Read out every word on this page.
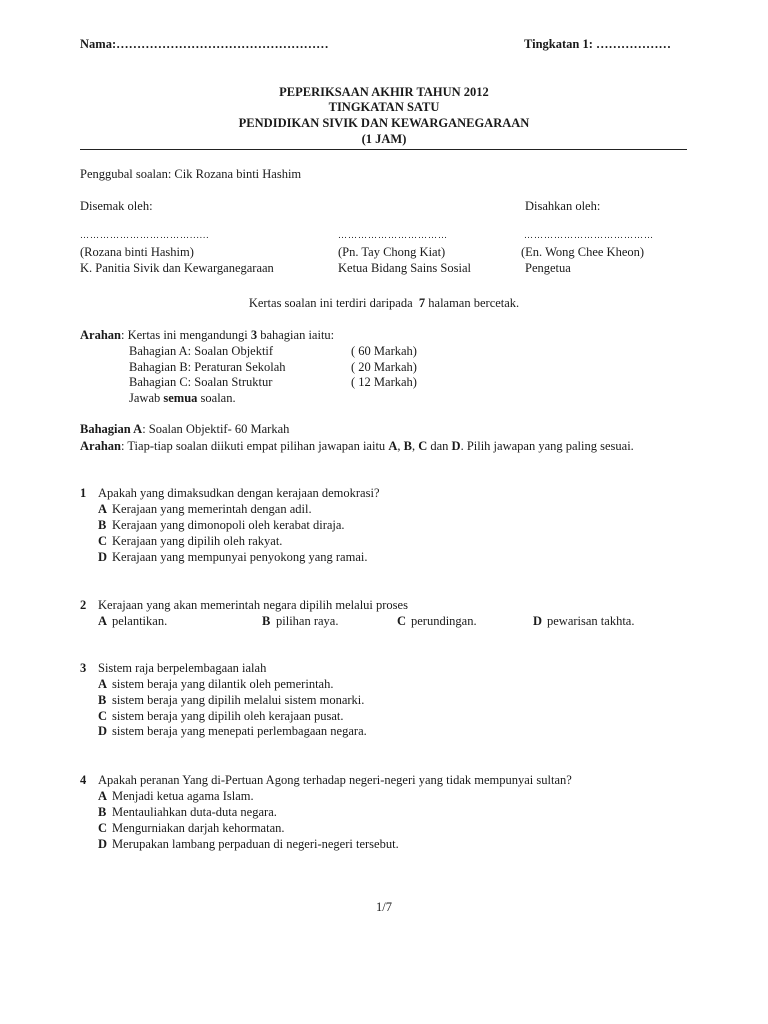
Nama:……………………………………………	Tingkatan 1: ………………
PEPERIKSAAN AKHIR TAHUN 2012
TINGKATAN SATU
PENDIDIKAN SIVIK DAN KEWARGANEGARAAN
(1 JAM)
Penggubal soalan: Cik Rozana binti Hashim
Disemak oleh:	Disahkan oleh:
……………………………......	……………………………	…………………………………
(Rozana binti Hashim)	(Pn. Tay Chong Kiat)	(En. Wong Chee Kheon)
K. Panitia Sivik dan Kewarganegaraan	Ketua Bidang Sains Sosial	Pengetua
Kertas soalan ini terdiri daripada 7 halaman bercetak.
Arahan: Kertas ini mengandungi 3 bahagian iaitu:
Bahagian A: Soalan Objektif	( 60 Markah)
Bahagian B: Peraturan Sekolah	( 20 Markah)
Bahagian C: Soalan Struktur	( 12 Markah)
Jawab semua soalan.
Bahagian A: Soalan Objektif- 60 Markah
Arahan: Tiap-tiap soalan diikuti empat pilihan jawapan iaitu A, B, C dan D. Pilih jawapan yang paling sesuai.
1 Apakah yang dimaksudkan dengan kerajaan demokrasi?
A Kerajaan yang memerintah dengan adil.
B Kerajaan yang dimonopoli oleh kerabat diraja.
C Kerajaan yang dipilih oleh rakyat.
D Kerajaan yang mempunyai penyokong yang ramai.
2 Kerajaan yang akan memerintah negara dipilih melalui proses
A pelantikan.	B pilihan raya.	C perundingan.	D pewarisan takhta.
3 Sistem raja berpelembagaan ialah
A sistem beraja yang dilantik oleh pemerintah.
B sistem beraja yang dipilih melalui sistem monarki.
C sistem beraja yang dipilih oleh kerajaan pusat.
D sistem beraja yang menepati perlembagaan negara.
4 Apakah peranan Yang di-Pertuan Agong terhadap negeri-negeri yang tidak mempunyai sultan?
A Menjadi ketua agama Islam.
B Mentauliahkan duta-duta negara.
C Mengurniakan darjah kehormatan.
D Merupakan lambang perpaduan di negeri-negeri tersebut.
1/7
